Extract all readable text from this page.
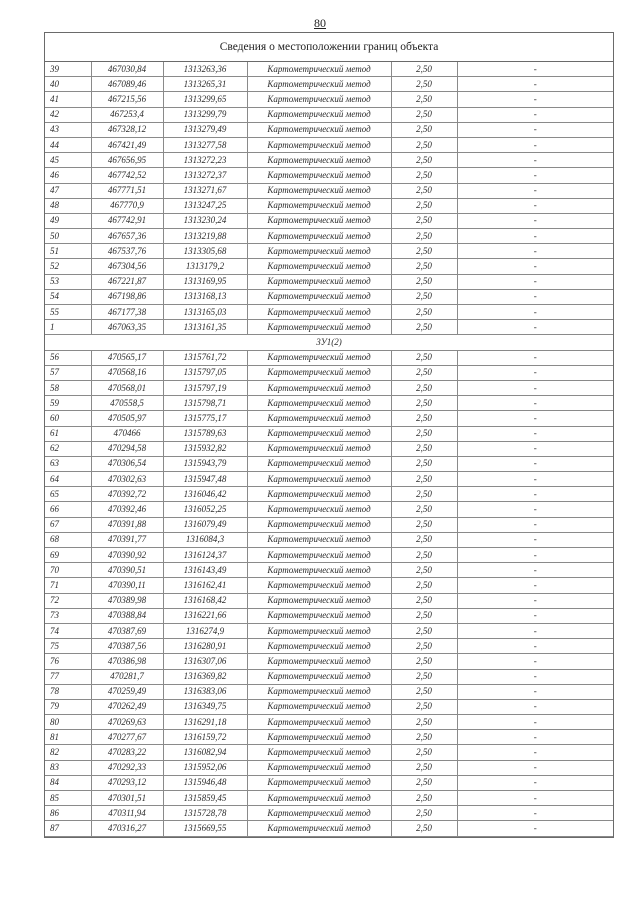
80
Сведения о местоположении границ объекта
39	467030,84	1313263,36	Картометрический метод	2,50	-
40	467089,46	1313265,31	Картометрический метод	2,50	-
41	467215,56	1313299,65	Картометрический метод	2,50	-
42	467253,4	1313299,79	Картометрический метод	2,50	-
43	467328,12	1313279,49	Картометрический метод	2,50	-
44	467421,49	1313277,58	Картометрический метод	2,50	-
45	467656,95	1313272,23	Картометрический метод	2,50	-
46	467742,52	1313272,37	Картометрический метод	2,50	-
47	467771,51	1313271,67	Картометрический метод	2,50	-
48	467770,9	1313247,25	Картометрический метод	2,50	-
49	467742,91	1313230,24	Картометрический метод	2,50	-
50	467657,36	1313219,88	Картометрический метод	2,50	-
51	467537,76	1313305,68	Картометрический метод	2,50	-
52	467304,56	1313179,2	Картометрический метод	2,50	-
53	467221,87	1313169,95	Картометрический метод	2,50	-
54	467198,86	1313168,13	Картометрический метод	2,50	-
55	467177,38	1313165,03	Картометрический метод	2,50	-
1	467063,35	1313161,35	Картометрический метод	2,50	-
3У1(2)					
56	470565,17	1315761,72	Картометрический метод	2,50	-
57	470568,16	1315797,05	Картометрический метод	2,50	-
58	470568,01	1315797,19	Картометрический метод	2,50	-
59	470558,5	1315798,71	Картометрический метод	2,50	-
60	470505,97	1315775,17	Картометрический метод	2,50	-
61	470466	1315789,63	Картометрический метод	2,50	-
62	470294,58	1315932,82	Картометрический метод	2,50	-
63	470306,54	1315943,79	Картометрический метод	2,50	-
64	470302,63	1315947,48	Картометрический метод	2,50	-
65	470392,72	1316046,42	Картометрический метод	2,50	-
66	470392,46	1316052,25	Картометрический метод	2,50	-
67	470391,88	1316079,49	Картометрический метод	2,50	-
68	470391,77	1316084,3	Картометрический метод	2,50	-
69	470390,92	1316124,37	Картометрический метод	2,50	-
70	470390,51	1316143,49	Картометрический метод	2,50	-
71	470390,11	1316162,41	Картометрический метод	2,50	-
72	470389,98	1316168,42	Картометрический метод	2,50	-
73	470388,84	1316221,66	Картометрический метод	2,50	-
74	470387,69	1316274,9	Картометрический метод	2,50	-
75	470387,56	1316280,91	Картометрический метод	2,50	-
76	470386,98	1316307,06	Картометрический метод	2,50	-
77	470281,7	1316369,82	Картометрический метод	2,50	-
78	470259,49	1316383,06	Картометрический метод	2,50	-
79	470262,49	1316349,75	Картометрический метод	2,50	-
80	470269,63	1316291,18	Картометрический метод	2,50	-
81	470277,67	1316159,72	Картометрический метод	2,50	-
82	470283,22	1316082,94	Картометрический метод	2,50	-
83	470292,33	1315952,06	Картометрический метод	2,50	-
84	470293,12	1315946,48	Картометрический метод	2,50	-
85	470301,51	1315859,45	Картометрический метод	2,50	-
86	470311,94	1315728,78	Картометрический метод	2,50	-
87	470316,27	1315669,55	Картометрический метод	2,50	-
